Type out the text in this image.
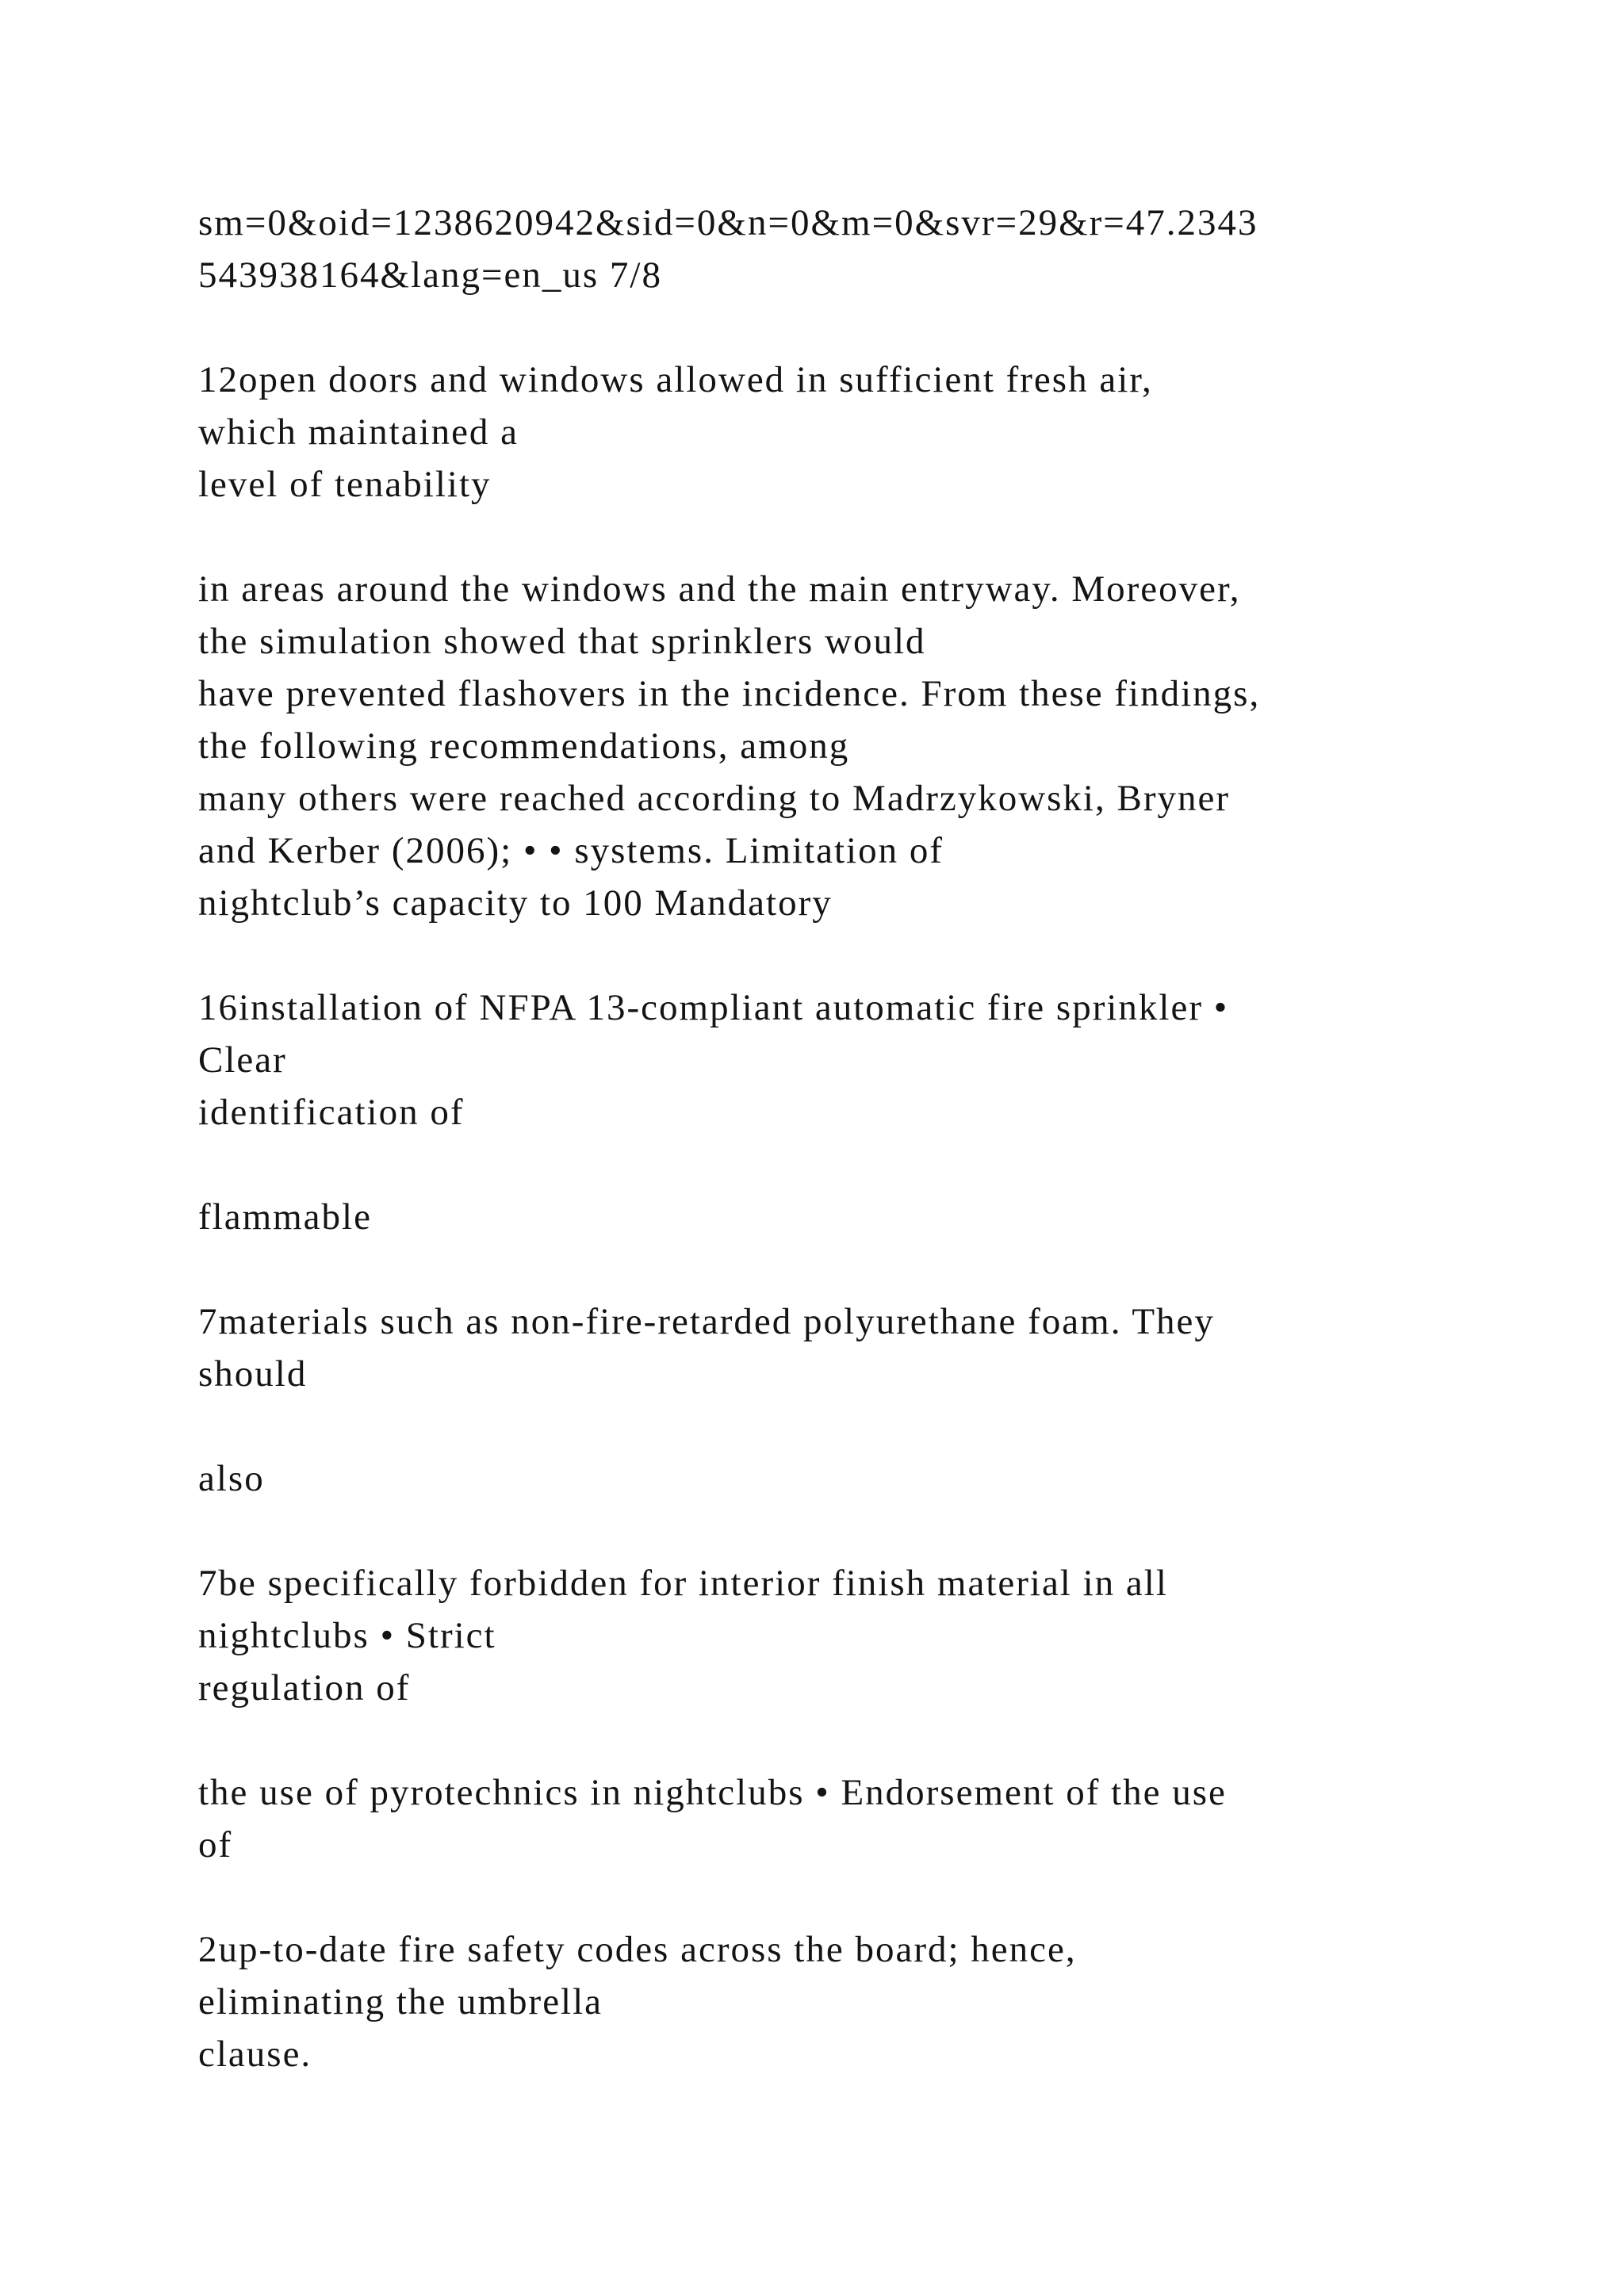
sm=0&oid=1238620942&sid=0&n=0&m=0&svr=29&r=47.2343
543938164&lang=en_us 7/8
12open doors and windows allowed in sufficient fresh air,
which maintained a
level of tenability
in areas around the windows and the main entryway. Moreover,
the simulation showed that sprinklers would
have prevented flashovers in the incidence. From these findings,
the following recommendations, among
many others were reached according to Madrzykowski, Bryner
and Kerber (2006); • • systems. Limitation of
nightclub’s capacity to 100 Mandatory
16installation of NFPA 13-compliant automatic fire sprinkler •
Clear
identification of
flammable
7materials such as non-fire-retarded polyurethane foam. They
should
also
7be specifically forbidden for interior finish material in all
nightclubs • Strict
regulation of
the use of pyrotechnics in nightclubs • Endorsement of the use
of
2up-to-date fire safety codes across the board; hence,
eliminating the umbrella
clause.
